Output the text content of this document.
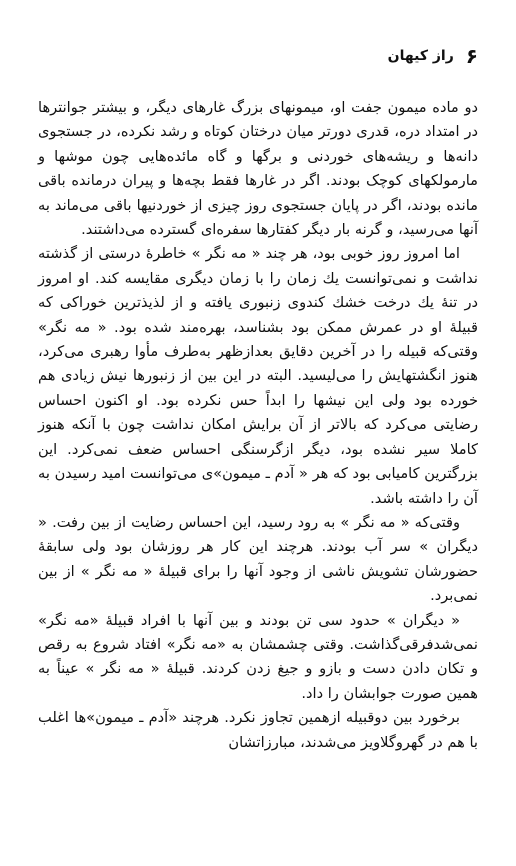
۶
راز کیهان

دو ماده میمون جفت او، میمونهای بزرگ غارهای دیگر، و بیشتر جوانترها در امتداد دره، قدری دورتر میان درختان کوتاه و رشد نکرده، در جستجوی دانه‌ها و ریشه‌های خوردنی و برگها و گاه مائده‌هایی چون موشها و مارمولکهای کوچک بودند. اگر در غارها فقط بچه‌ها و پیران درمانده باقی مانده بودند، اگر در پایان جستجوی روز چیزی از خوردنیها باقی می‌ماند به آنها می‌رسید، و گرنه بار دیگر کفتارها سفره‌ای گسترده می‌داشتند.

اما امروز روز خوبی بود، هر چند « مه نگر » خاطرهٔ درستی از گذشته نداشت و نمی‌توانست یك زمان را با زمان دیگری مقایسه کند. او امروز در تنهٔ یك درخت خشك کندوی زنبوری یافته و از لذیذترین خوراکی که قبیلهٔ او در عمرش ممکن بود بشناسد، بهره‌مند شده بود. « مه نگر» وقتی‌که قبیله را در آخرین دقایق بعدازظهر به‌طرف مأوا رهبری می‌کرد، هنوز انگشتهایش را می‌لیسید. البته در این بین از زنبورها نیش زیادی هم خورده بود ولی این نیشها را ابداً حس نکرده بود. او اکنون احساس رضایتی می‌کرد که بالاتر از آن برایش امکان نداشت چون با آنکه هنوز کاملا سیر نشده بود، دیگر ازگرسنگی احساس ضعف نمی‌کرد. این بزرگترین کامیابی بود که هر « آدم ـ میمون»ی می‌توانست امید رسیدن به آن را داشته باشد.

وقتی‌که « مه نگر » به رود رسید، این احساس رضایت از بین رفت. « دیگران » سر آب بودند. هرچند این کار هر روزشان بود ولی سابقهٔ حضورشان تشویش ناشی از وجود آنها را برای قبیلهٔ « مه نگر » از بین نمی‌برد.

« دیگران » حدود سی تن بودند و بین آنها با افراد قبیلهٔ «مه نگر» نمی‌شدفرقی‌گذاشت. وقتی چشمشان به «مه نگر» افتاد شروع به رقص و تکان دادن دست و بازو و جیغ زدن کردند. قبیلهٔ « مه نگر » عیناً به همین صورت جوابشان را داد.

برخورد بین دوقبیله ازهمین تجاوز نکرد. هرچند «آدم ـ میمون»ها اغلب با هم در گهروگلاویز می‌شدند، مبارزاتشان
